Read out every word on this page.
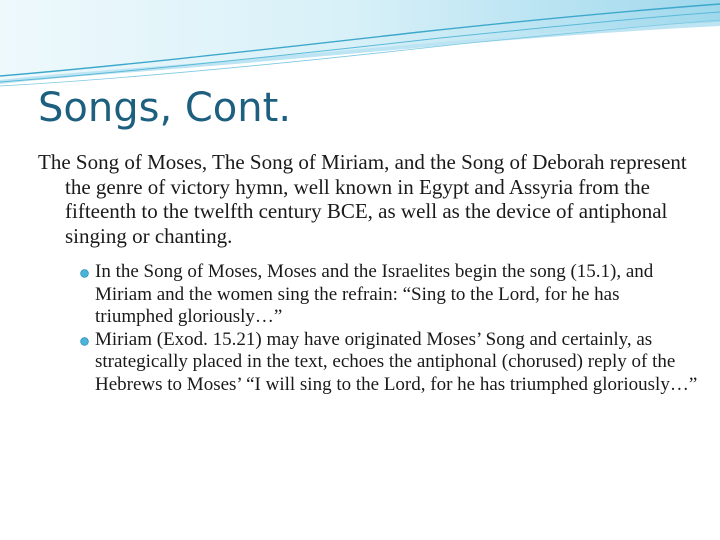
Songs, Cont.

The Song of Moses, The Song of Miriam, and the Song of Deborah represent the genre of victory hymn, well known in Egypt and Assyria from the fifteenth to the twelfth century BCE, as well as the device of antiphonal singing or chanting.

In the Song of Moses, Moses and the Israelites begin the song (15.1), and Miriam and the women sing the refrain: “Sing to the Lord, for he has triumphed gloriously…”
Miriam (Exod. 15.21) may have originated Moses’ Song and certainly, as strategically placed in the text, echoes the antiphonal (chorused) reply of the Hebrews to Moses’ “I will sing to the Lord, for he has triumphed gloriously…”
